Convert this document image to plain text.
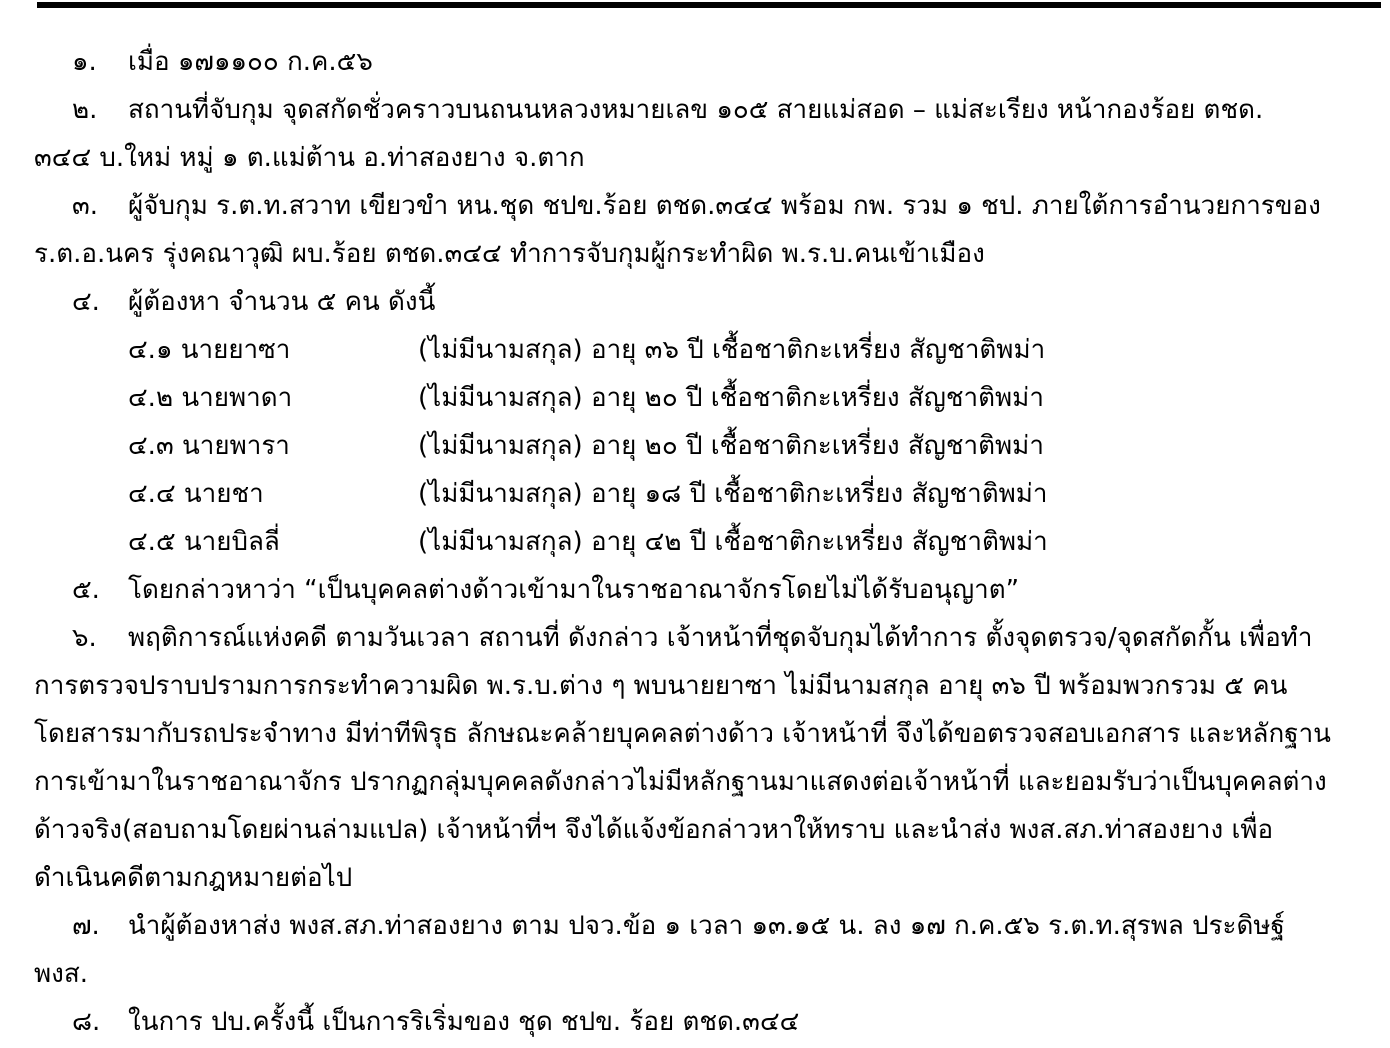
๑. เมื่อ ๑๗๑๑๐๐ ก.ค.๕๖
๒. สถานที่จับกุม จุดสกัดชั่วคราวบนถนนหลวงหมายเลข ๑๐๕ สายแม่สอด – แม่สะเรียง หน้ากองร้อย ตชด.
๓๔๔ บ.ใหม่ หมู่ ๑ ต.แม่ต้าน อ.ท่าสองยาง จ.ตาก
๓. ผู้จับกุม ร.ต.ท.สวาท เขียวขำ หน.ชุด ชปข.ร้อย ตชด.๓๔๔ พร้อม กพ. รวม ๑ ชป. ภายใต้การอำนวยการของ
ร.ต.อ.นคร รุ่งคณาวุฒิ ผบ.ร้อย ตชด.๓๔๔ ทำการจับกุมผู้กระทำผิด พ.ร.บ.คนเข้าเมือง
๔. ผู้ต้องหา จำนวน ๕ คน ดังนี้
๔.๑ นายยาซา	(ไม่มีนามสกุล) อายุ ๓๖ ปี เชื้อชาติกะเหรี่ยง สัญชาติพม่า
๔.๒ นายพาดา	(ไม่มีนามสกุล) อายุ ๒๐ ปี เชื้อชาติกะเหรี่ยง สัญชาติพม่า
๔.๓ นายพารา	(ไม่มีนามสกุล) อายุ ๒๐ ปี เชื้อชาติกะเหรี่ยง สัญชาติพม่า
๔.๔ นายชา	(ไม่มีนามสกุล) อายุ ๑๘ ปี เชื้อชาติกะเหรี่ยง สัญชาติพม่า
๔.๕ นายบิลลี่	(ไม่มีนามสกุล) อายุ ๔๒ ปี เชื้อชาติกะเหรี่ยง สัญชาติพม่า
๕. โดยกล่าวหาว่า “เป็นบุคคลต่างด้าวเข้ามาในราชอาณาจักรโดยไม่ได้รับอนุญาต”
๖. พฤติการณ์แห่งคดี ตามวันเวลา สถานที่ ดังกล่าว เจ้าหน้าที่ชุดจับกุมได้ทำการ ตั้งจุดตรวจ/จุดสกัดกั้น เพื่อทำ
การตรวจปราบปรามการกระทำความผิด พ.ร.บ.ต่าง ๆ พบนายยาซา ไม่มีนามสกุล อายุ ๓๖ ปี พร้อมพวกรวม ๕ คน
โดยสารมากับรถประจำทาง มีท่าทีพิรุธ ลักษณะคล้ายบุคคลต่างด้าว เจ้าหน้าที่ จึงได้ขอตรวจสอบเอกสาร และหลักฐาน
การเข้ามาในราชอาณาจักร ปรากฏกลุ่มบุคคลดังกล่าวไม่มีหลักฐานมาแสดงต่อเจ้าหน้าที่ และยอมรับว่าเป็นบุคคลต่าง
ด้าวจริง(สอบถามโดยผ่านล่ามแปล) เจ้าหน้าที่ฯ จึงได้แจ้งข้อกล่าวหาให้ทราบ และนำส่ง พงส.สภ.ท่าสองยาง เพื่อ
ดำเนินคดีตามกฎหมายต่อไป
๗. นำผู้ต้องหาส่ง พงส.สภ.ท่าสองยาง ตาม ปจว.ข้อ ๑ เวลา ๑๓.๑๕ น. ลง ๑๗ ก.ค.๕๖ ร.ต.ท.สุรพล ประดิษฐ์
พงส.
๘. ในการ ปบ.ครั้งนี้ เป็นการริเริ่มของ ชุด ชปข. ร้อย ตชด.๓๔๔
